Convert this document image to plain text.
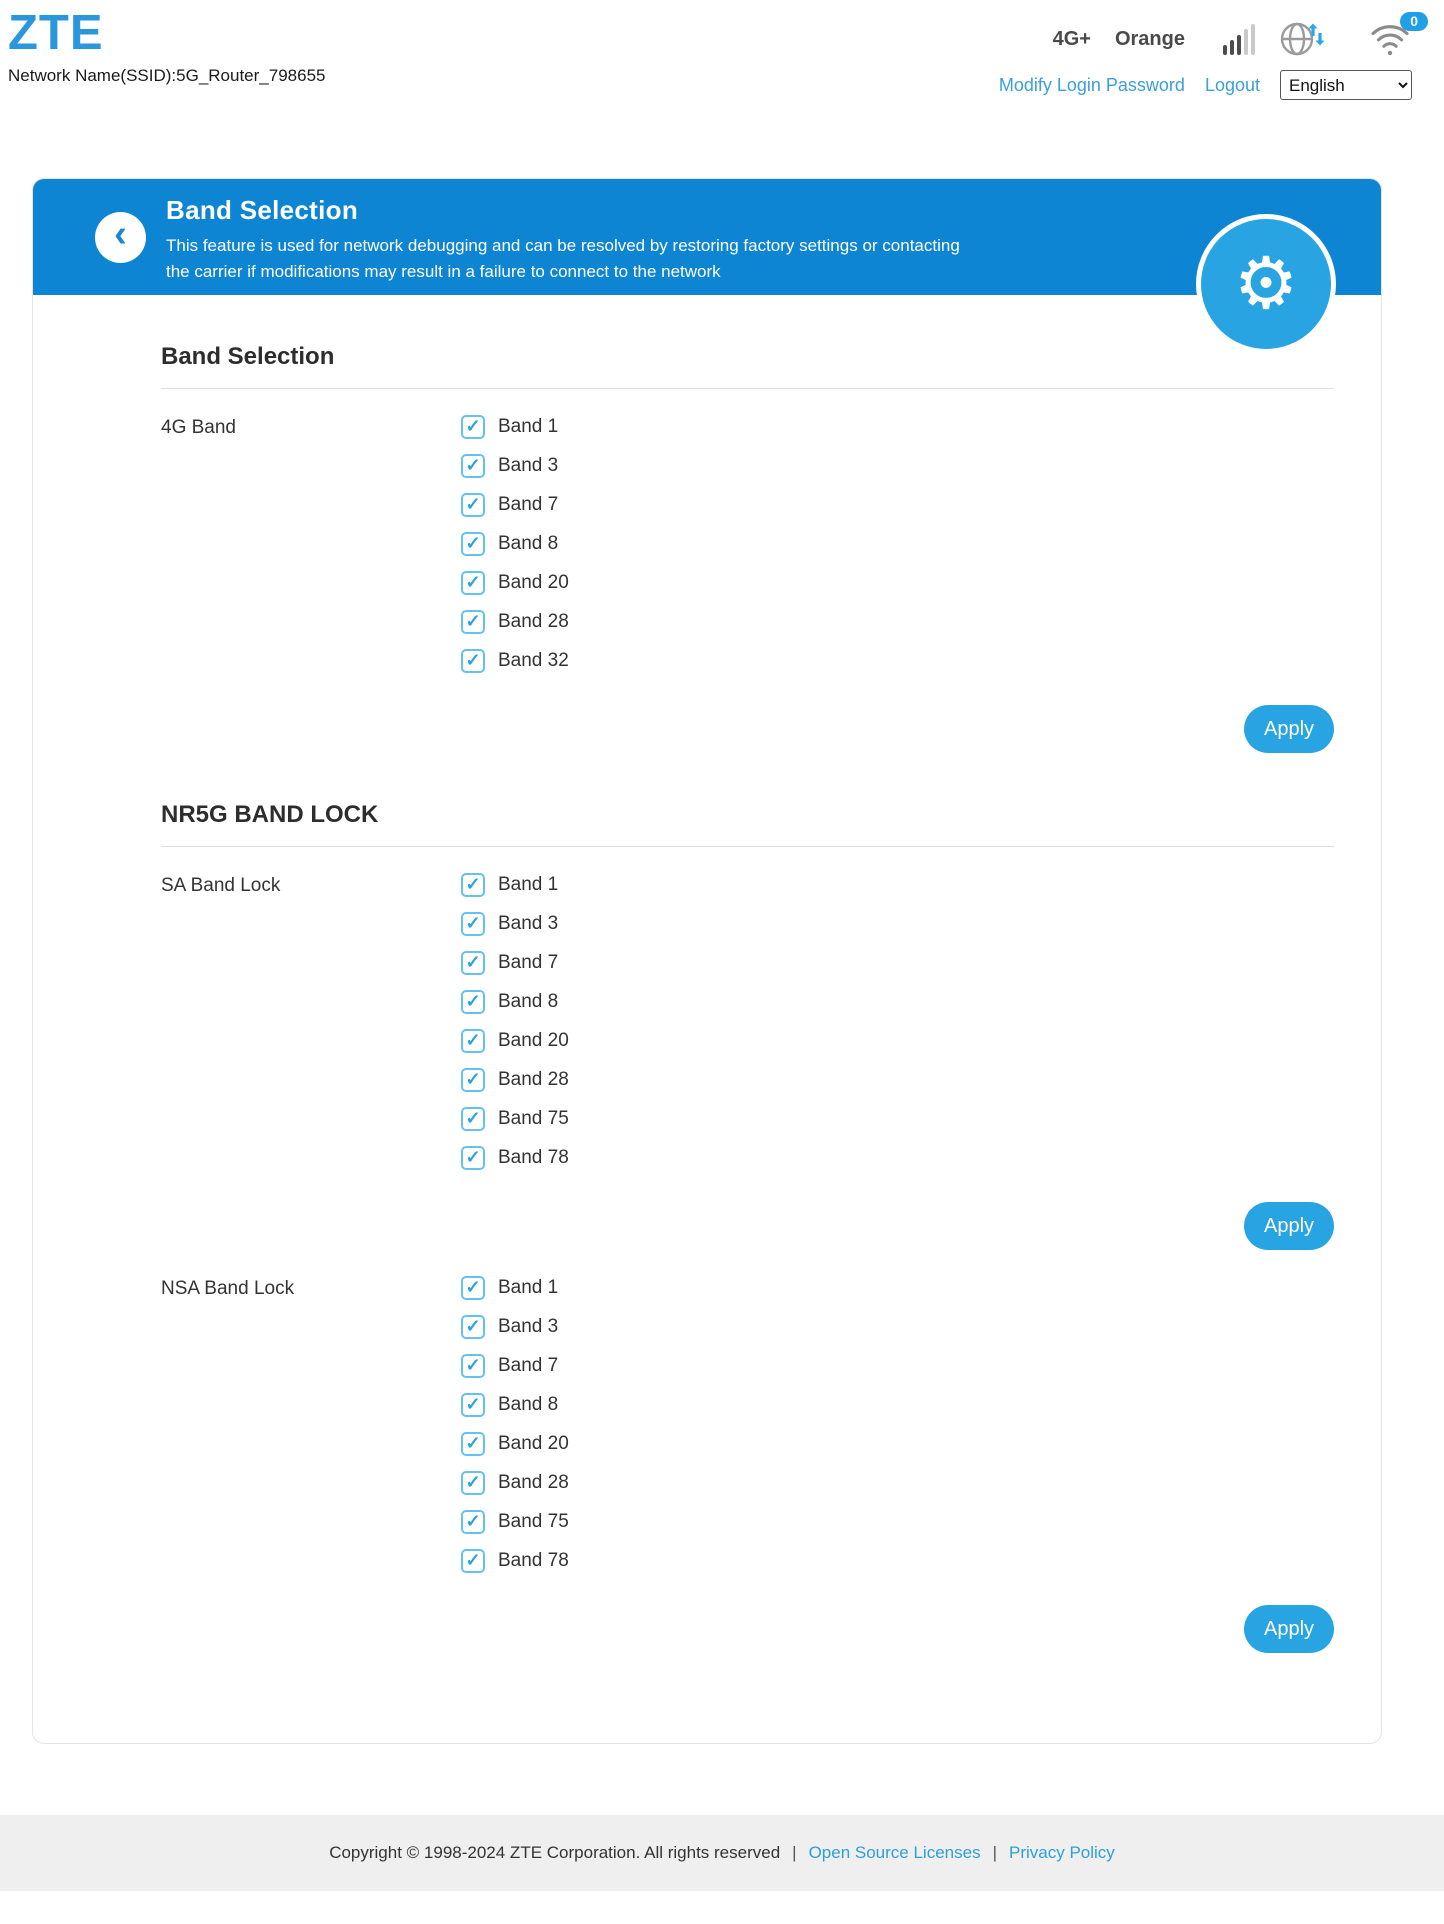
ZTE
Network Name(SSID):5G_Router_798655
4G+ Orange
0
Modify Login Password Logout
English
‹
Band Selection

This feature is used for network debugging and can be resolved by restoring factory settings or contacting
the carrier if modifications may result in a failure to connect to the network	⚙
Band Selection
4G Band	✓ Band 1
✓ Band 3
✓ Band 7
✓ Band 8
✓ Band 20
✓ Band 28
✓ Band 32
Apply
NR5G BAND LOCK
SA Band Lock	✓ Band 1
✓ Band 3
✓ Band 7
✓ Band 8
✓ Band 20
✓ Band 28
✓ Band 75
✓ Band 78
Apply
NSA Band Lock	✓ Band 1
✓ Band 3
✓ Band 7
✓ Band 8
✓ Band 20
✓ Band 28
✓ Band 75
✓ Band 78
Apply
Copyright © 1998-2024 ZTE Corporation. All rights reserved | Open Source Licenses | Privacy Policy
